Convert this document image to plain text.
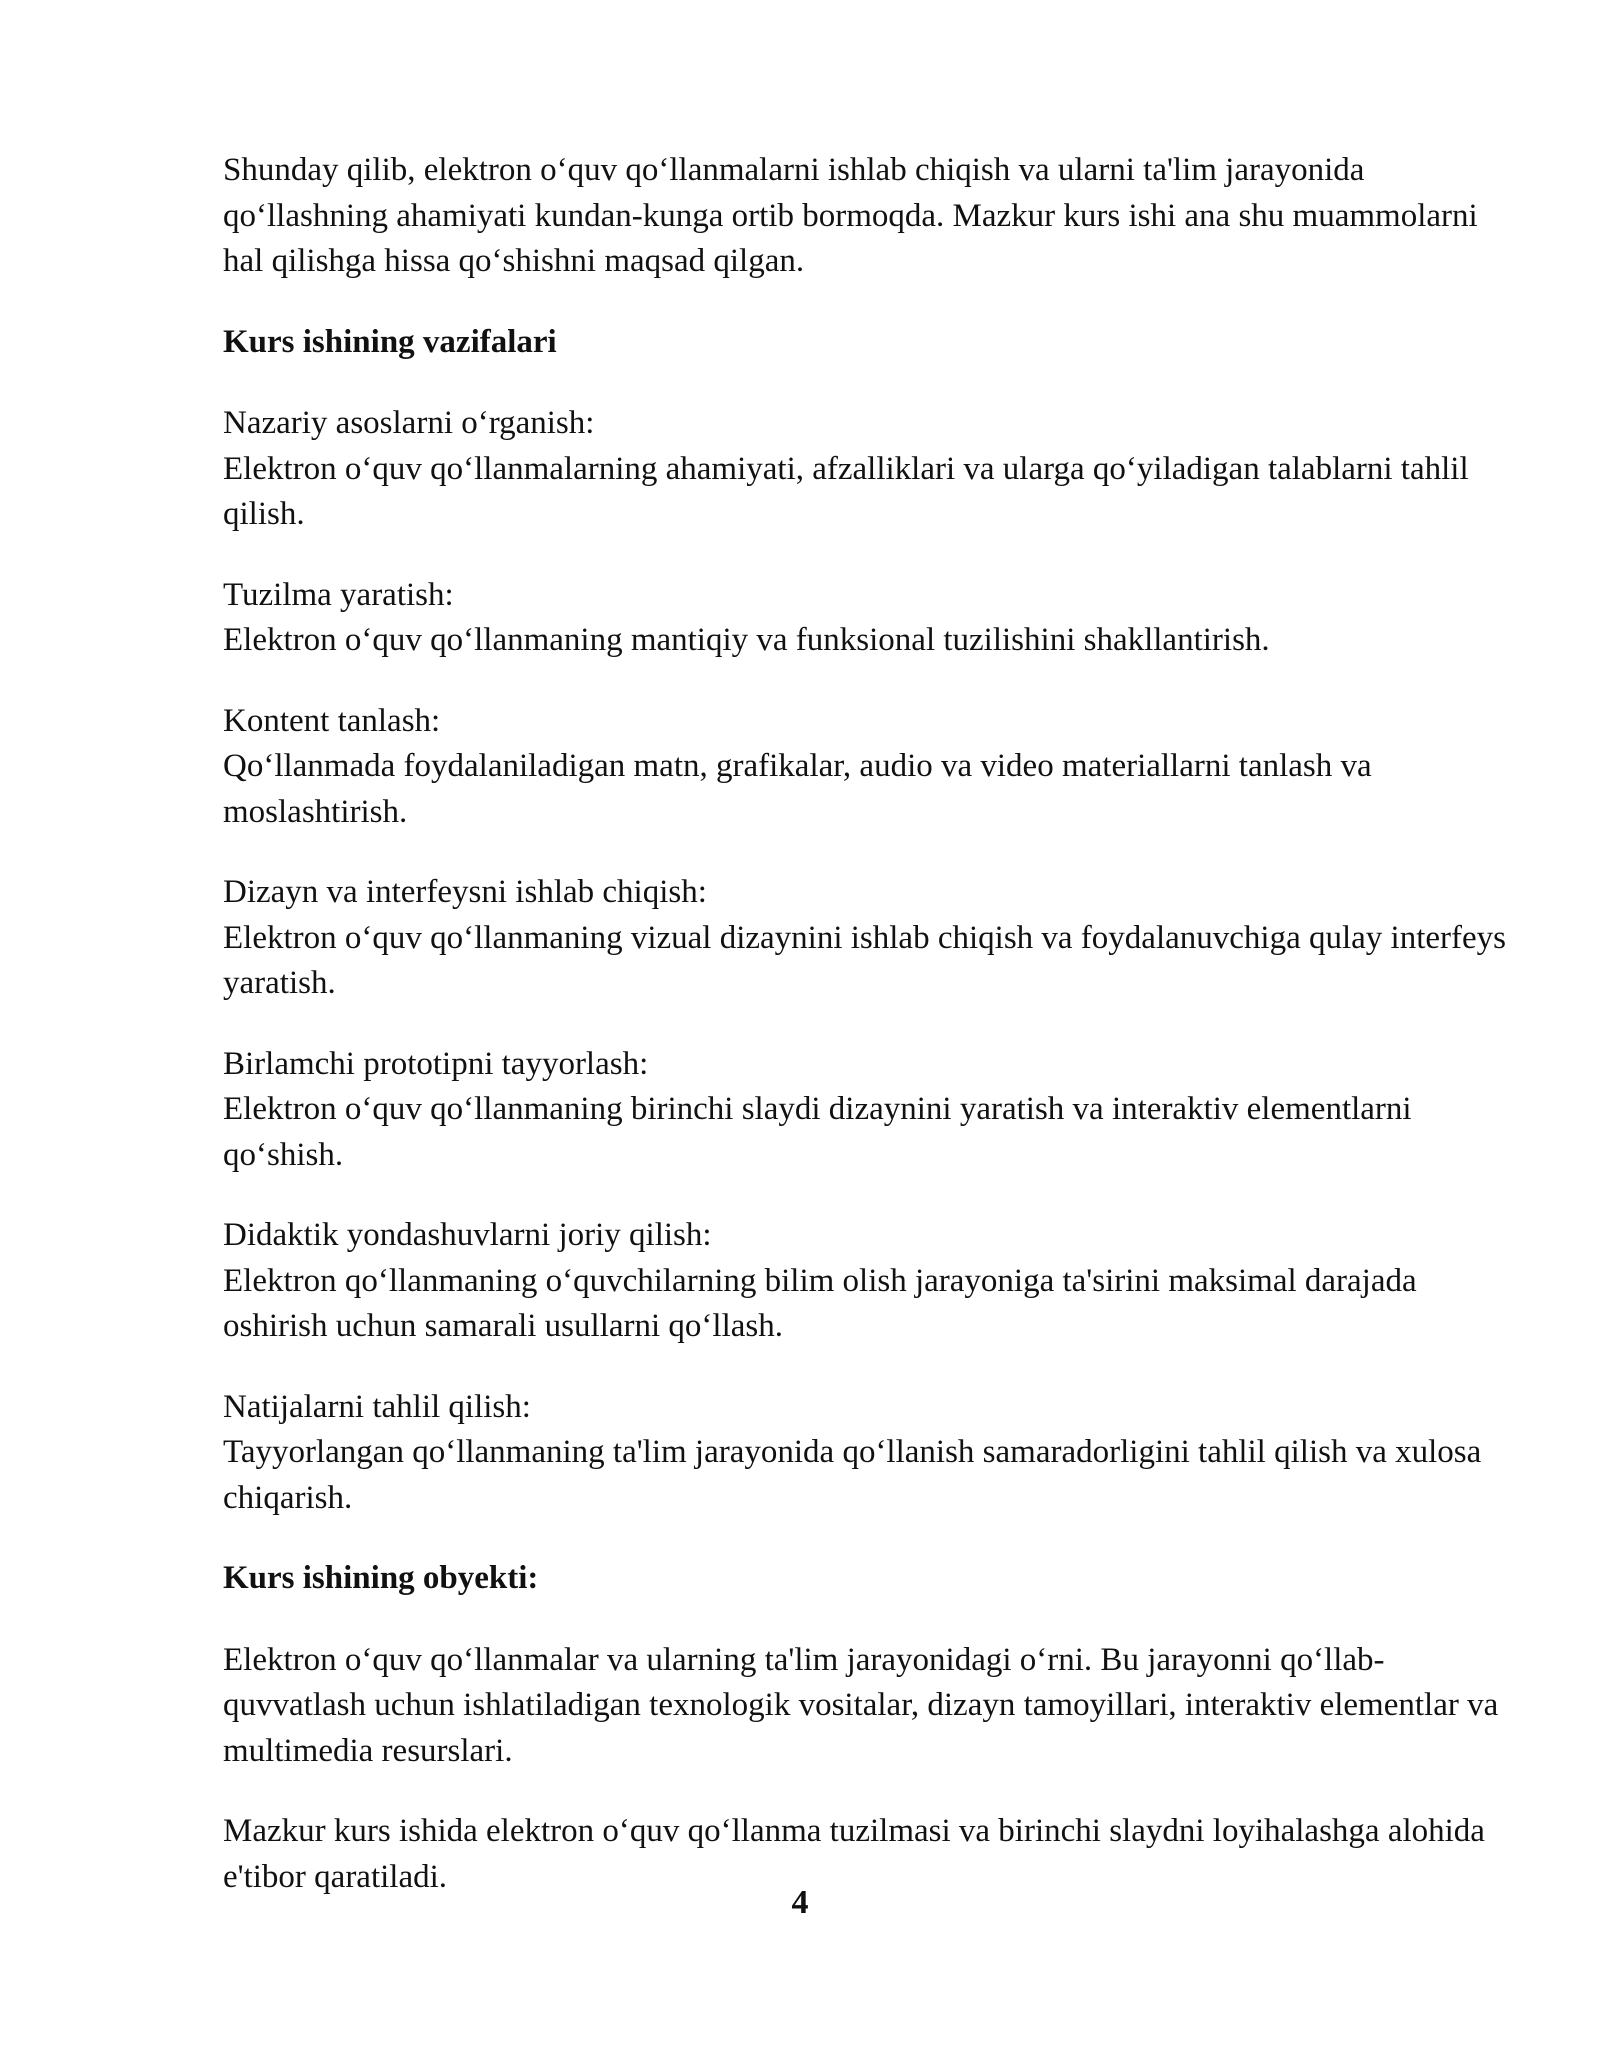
Shunday qilib, elektron o‘quv qo‘llanmalarni ishlab chiqish va ularni ta'lim jarayonida qo‘llashning ahamiyati kundan-kunga ortib bormoqda. Mazkur kurs ishi ana shu muammolarni hal qilishga hissa qo‘shishni maqsad qilgan.

Kurs ishining vazifalari

Nazariy asoslarni o‘rganish:
Elektron o‘quv qo‘llanmalarning ahamiyati, afzalliklari va ularga qo‘yiladigan talablarni tahlil qilish.
Tuzilma yaratish:
Elektron o‘quv qo‘llanmaning mantiqiy va funksional tuzilishini shakllantirish.
Kontent tanlash:
Qo‘llanmada foydalaniladigan matn, grafikalar, audio va video materiallarni tanlash va moslashtirish.
Dizayn va interfeysni ishlab chiqish:
Elektron o‘quv qo‘llanmaning vizual dizaynini ishlab chiqish va foydalanuvchiga qulay interfeys yaratish.
Birlamchi prototipni tayyorlash:
Elektron o‘quv qo‘llanmaning birinchi slaydi dizaynini yaratish va interaktiv elementlarni qo‘shish.
Didaktik yondashuvlarni joriy qilish:
Elektron qo‘llanmaning o‘quvchilarning bilim olish jarayoniga ta'sirini maksimal darajada oshirish uchun samarali usullarni qo‘llash.
Natijalarni tahlil qilish:
Tayyorlangan qo‘llanmaning ta'lim jarayonida qo‘llanish samaradorligini tahlil qilish va xulosa chiqarish.

Kurs ishining obyekti:

Elektron o‘quv qo‘llanmalar va ularning ta'lim jarayonidagi o‘rni. Bu jarayonni qo‘llab-quvvatlash uchun ishlatiladigan texnologik vositalar, dizayn tamoyillari, interaktiv elementlar va multimedia resurslari.

Mazkur kurs ishida elektron o‘quv qo‘llanma tuzilmasi va birinchi slaydni loyihalashga alohida e'tibor qaratiladi.

4
